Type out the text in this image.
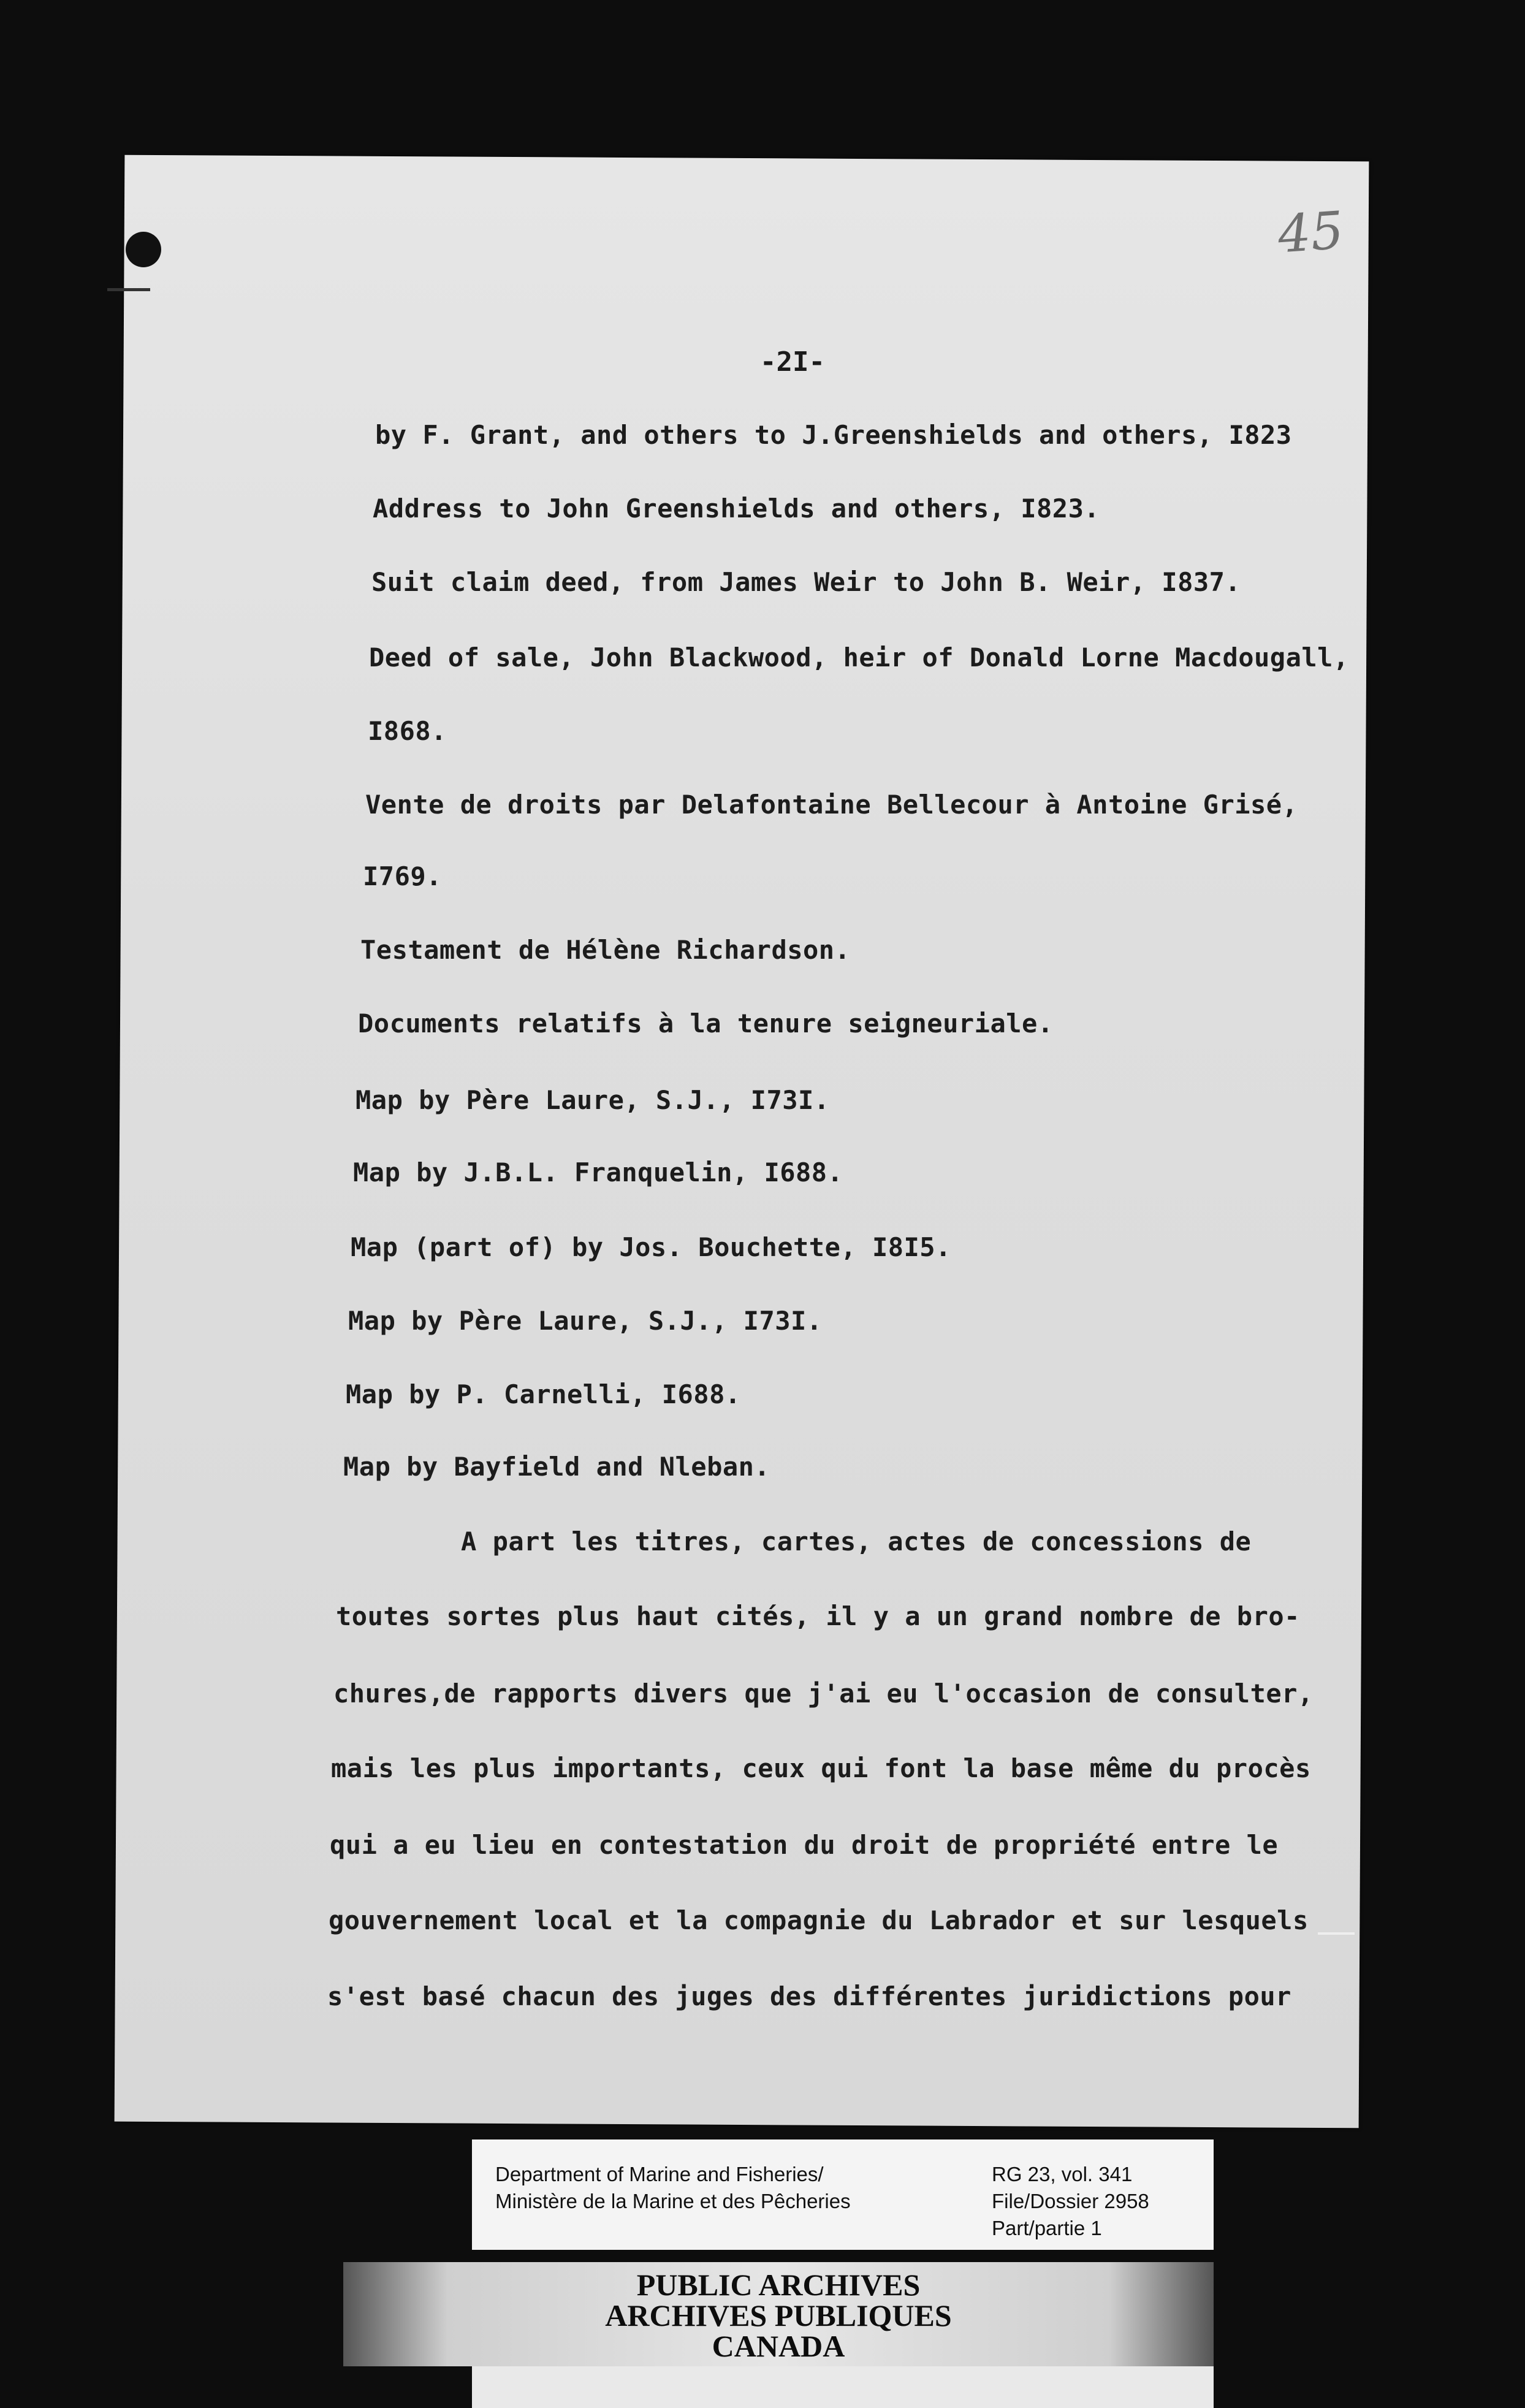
45
-2I-
by F. Grant, and others to J.Greenshields and others, I823
Address to John Greenshields and others, I823.
Suit claim deed, from James Weir to John B. Weir, I837.
Deed of sale, John Blackwood, heir of Donald Lorne Macdougall,
I868.
Vente de droits par Delafontaine Bellecour à Antoine Grisé,
I769.
Testament de Hélène Richardson.
Documents relatifs à la tenure seigneuriale.
Map by Père Laure, S.J., I73I.
Map by J.B.L. Franquelin, I688.
Map (part of) by Jos. Bouchette, I8I5.
Map by Père Laure, S.J., I73I.
Map by P. Carnelli, I688.
Map by Bayfield and Nleban.
A part les titres, cartes, actes de concessions de
toutes sortes plus haut cités, il y a un grand nombre de bro-
chures,de rapports divers que j'ai eu l'occasion de consulter,
mais les plus importants, ceux qui font la base même du procès
qui a eu lieu en contestation du droit de propriété entre le
gouvernement local et la compagnie du Labrador et sur lesquels
s'est basé chacun des juges des différentes juridictions pour
Department of Marine and Fisheries/
Ministère de la Marine et des Pêcheries
RG 23, vol. 341
File/Dossier 2958
Part/partie 1
PUBLIC ARCHIVES
ARCHIVES PUBLIQUES
CANADA
